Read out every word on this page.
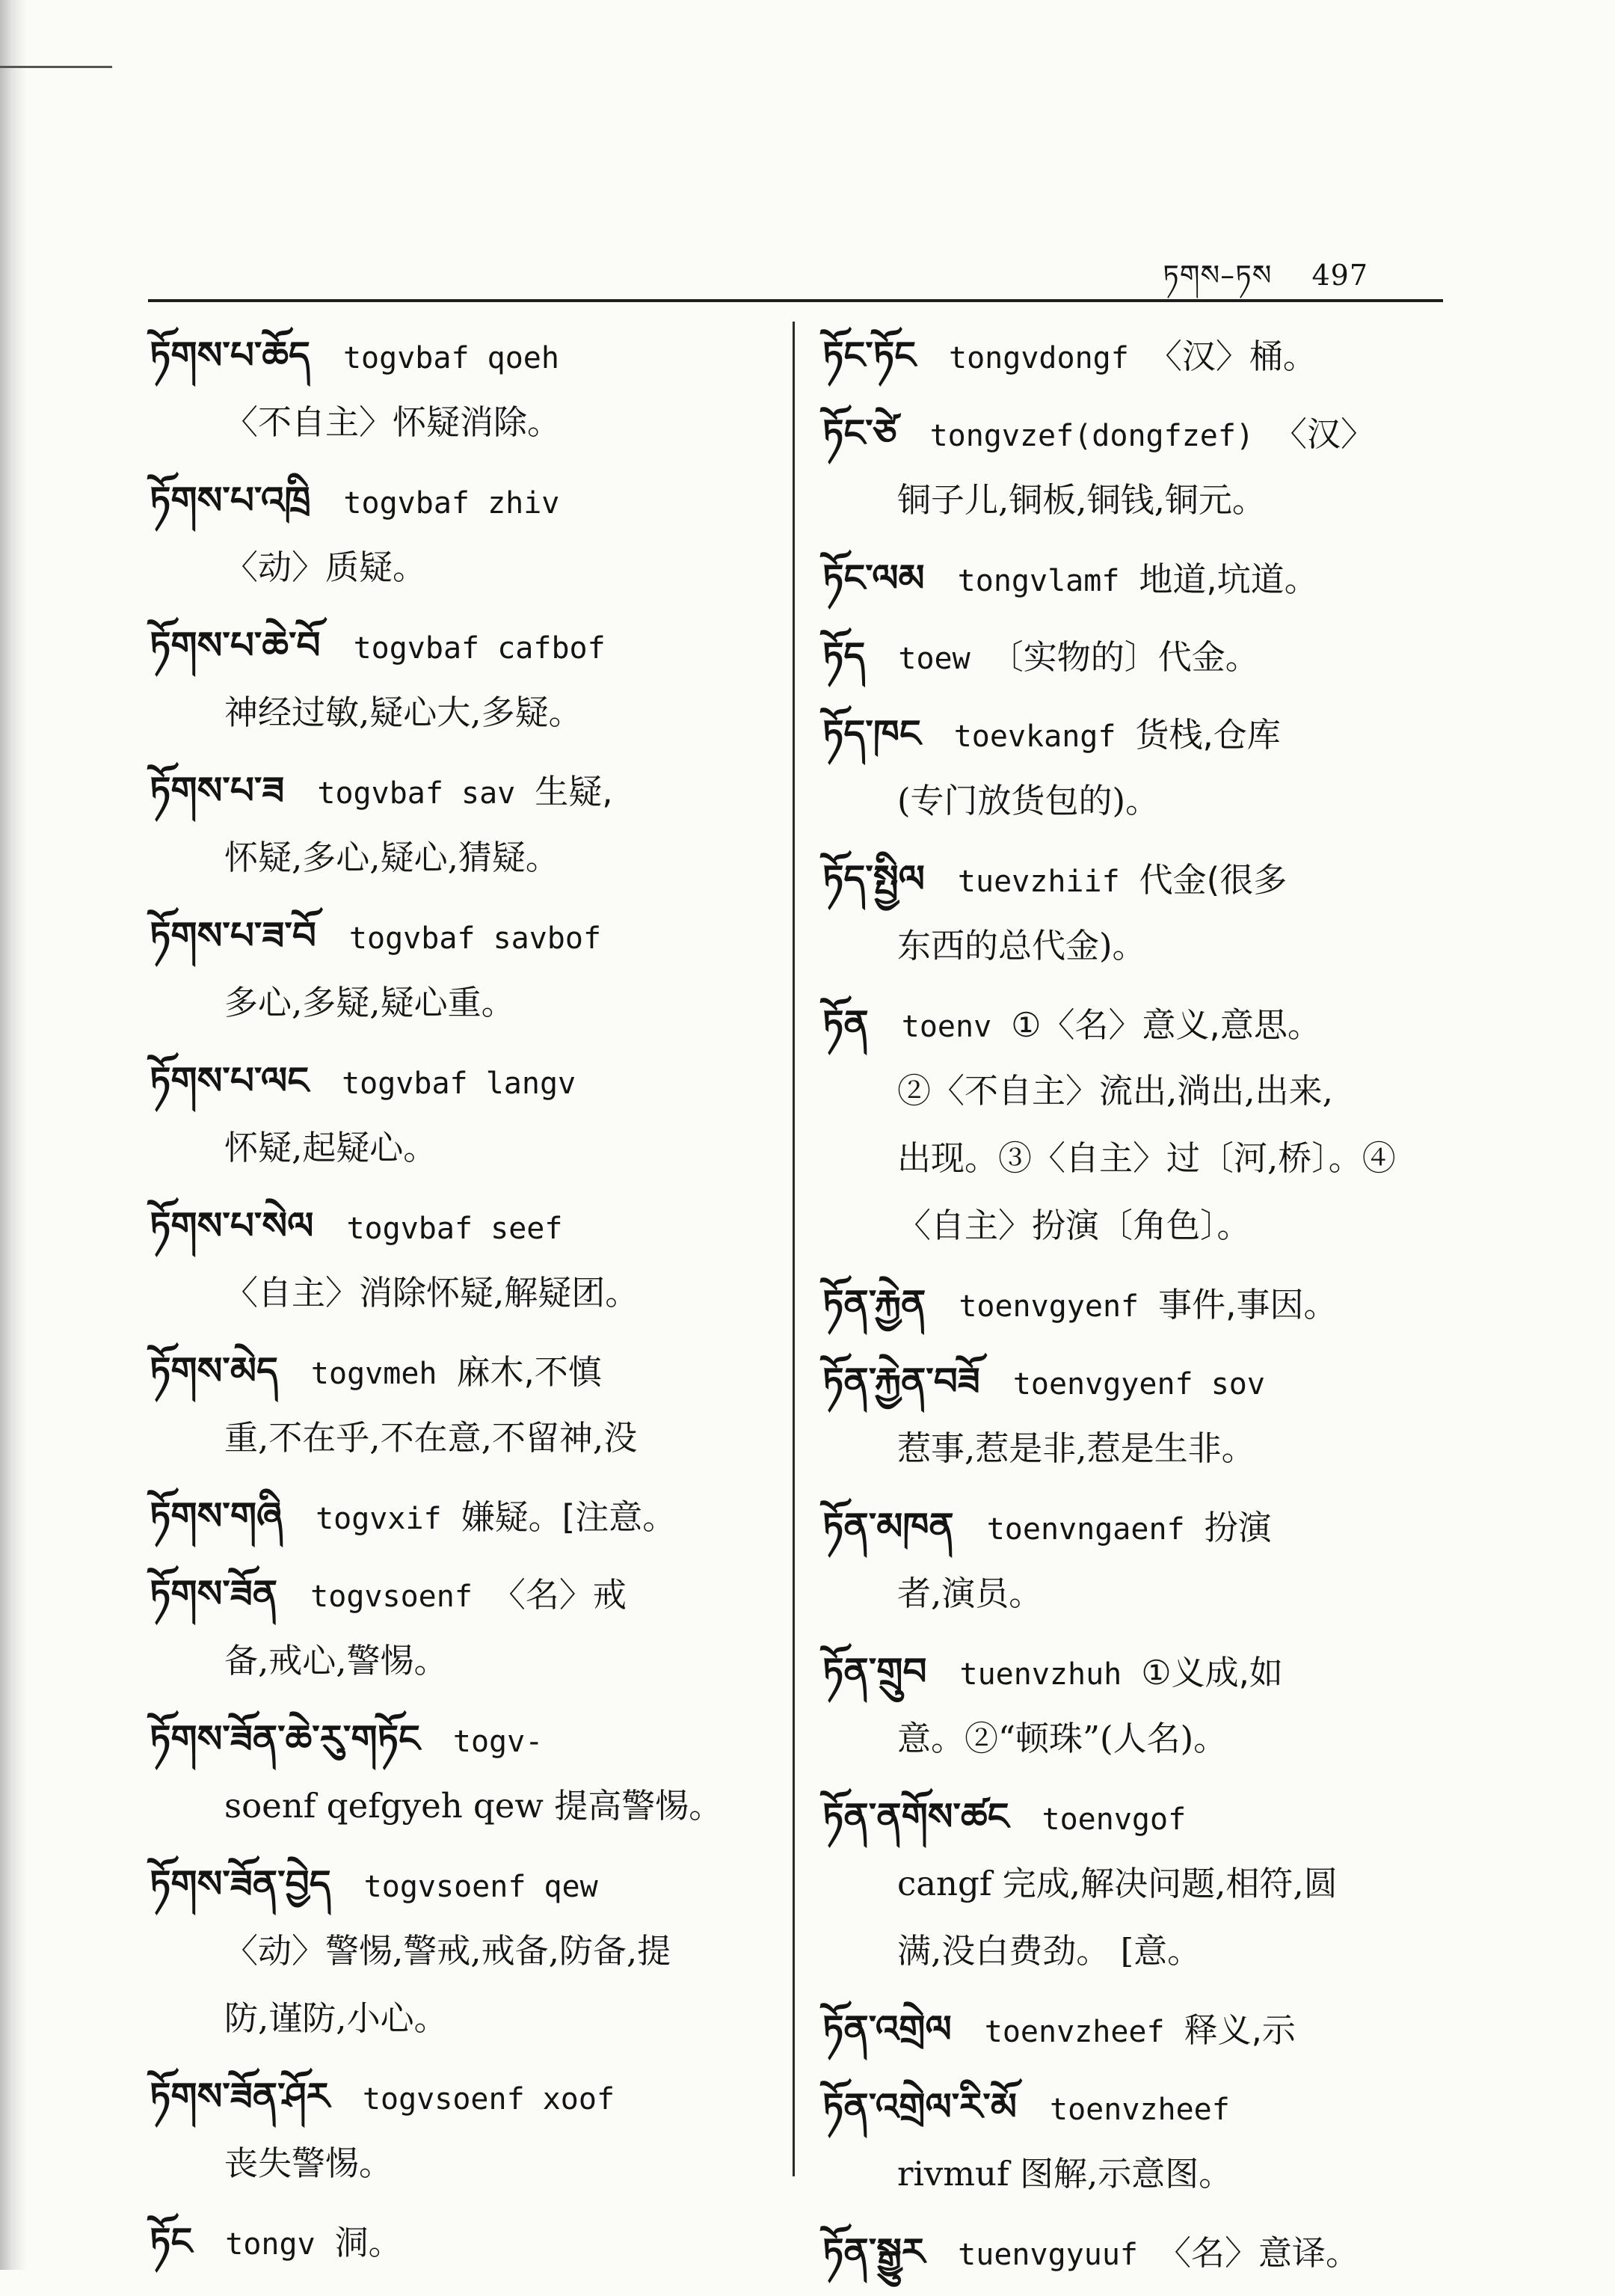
ཏགས–ཏས 497
ཏོགས་པ་ཆོད togvbaf qoeh
〈不自主〉怀疑消除。
ཏོགས་པ་འཁྲི togvbaf zhiv
〈动〉质疑。
ཏོགས་པ་ཆེ་བོ togvbaf cafbof
神经过敏,疑心大,多疑。
ཏོགས་པ་ཟ togvbaf sav 生疑,
怀疑,多心,疑心,猜疑。
ཏོགས་པ་ཟ་བོ togvbaf savbof
多心,多疑,疑心重。
ཏོགས་པ་ལང togvbaf langv
怀疑,起疑心。
ཏོགས་པ་སེལ togvbaf seef
〈自主〉消除怀疑,解疑团。
ཏོགས་མེད togvmeh 麻木,不慎
重,不在乎,不在意,不留神,没
ཏོགས་གཞི togvxif 嫌疑。[注意。
ཏོགས་ཟོན togvsoenf 〈名〉戒
备,戒心,警惕。
ཏོགས་ཟོན་ཆེ་རུ་གཏོང togv-
soenf qefgyeh qew 提高警惕。
ཏོགས་ཟོན་བྱེད togvsoenf qew
〈动〉警惕,警戒,戒备,防备,提
防,谨防,小心。
ཏོགས་ཟོན་ཤོར togvsoenf xoof
丧失警惕。
ཏོང tongv 洞。
ཏོང་ཏོང tongvdongf 〈汉〉桶。
ཏོང་ཙེ tongvzef(dongfzef) 〈汉〉
铜子儿,铜板,铜钱,铜元。
ཏོང་ལམ tongvlamf 地道,坑道。
ཏོད toew 〔实物的〕代金。
ཏོད་ཁང toevkangf 货栈,仓库
(专门放货包的)。
ཏོད་སྤྱིལ tuevzhiif 代金(很多
东西的总代金)。
ཏོན toenv ①〈名〉意义,意思。
②〈不自主〉流出,淌出,出来,
出现。③〈自主〉过〔河,桥〕。④
〈自主〉扮演〔角色〕。
ཏོན་རྐྱེན toenvgyenf 事件,事因。
ཏོན་རྐྱེན་བཟོ toenvgyenf sov
惹事,惹是非,惹是生非。
ཏོན་མཁན toenvngaenf 扮演
者,演员。
ཏོན་གྲུབ tuenvzhuh ①义成,如
意。②“顿珠”(人名)。
ཏོན་ནགོས་ཚང toenvgof
cangf 完成,解决问题,相符,圆
满,没白费劲。 [意。
ཏོན་འགྲེལ toenvzheef 释义,示
ཏོན་འགྲེལ་རི་མོ toenvzheef
rivmuf 图解,示意图。
ཏོན་སྒྱུར tuenvgyuuf 〈名〉意译。
